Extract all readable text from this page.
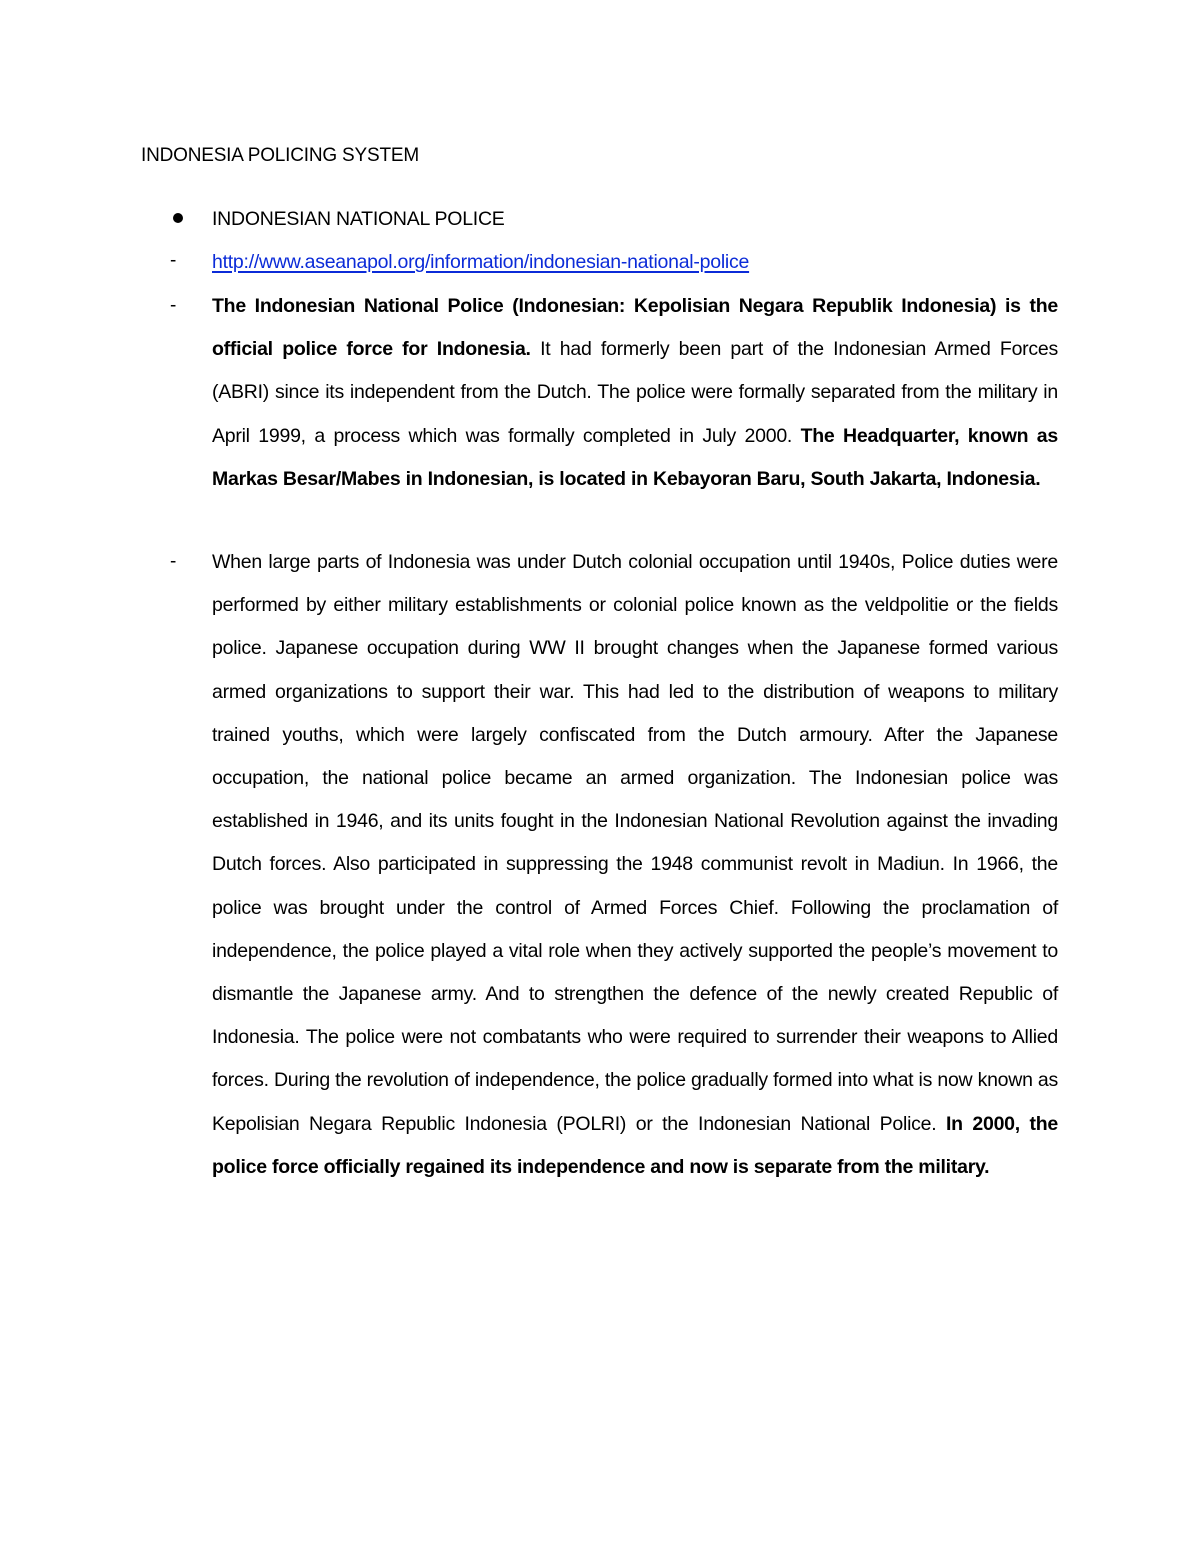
INDONESIA POLICING SYSTEM
INDONESIAN NATIONAL POLICE
- http://www.aseanapol.org/information/indonesian-national-police
- The Indonesian National Police (Indonesian: Kepolisian Negara Republik Indonesia) is the official police force for Indonesia. It had formerly been part of the Indonesian Armed Forces (ABRI) since its independent from the Dutch. The police were formally separated from the military in April 1999, a process which was formally completed in July 2000. The Headquarter, known as Markas Besar/Mabes in Indonesian, is located in Kebayoran Baru, South Jakarta, Indonesia.
- When large parts of Indonesia was under Dutch colonial occupation until 1940s, Police duties were performed by either military establishments or colonial police known as the veldpolitie or the fields police. Japanese occupation during WW II brought changes when the Japanese formed various armed organizations to support their war. This had led to the distribution of weapons to military trained youths, which were largely confiscated from the Dutch armoury. After the Japanese occupation, the national police became an armed organization. The Indonesian police was established in 1946, and its units fought in the Indonesian National Revolution against the invading Dutch forces. Also participated in suppressing the 1948 communist revolt in Madiun. In 1966, the police was brought under the control of Armed Forces Chief. Following the proclamation of independence, the police played a vital role when they actively supported the people’s movement to dismantle the Japanese army. And to strengthen the defence of the newly created Republic of Indonesia. The police were not combatants who were required to surrender their weapons to Allied forces. During the revolution of independence, the police gradually formed into what is now known as Kepolisian Negara Republic Indonesia (POLRI) or the Indonesian National Police. In 2000, the police force officially regained its independence and now is separate from the military.
